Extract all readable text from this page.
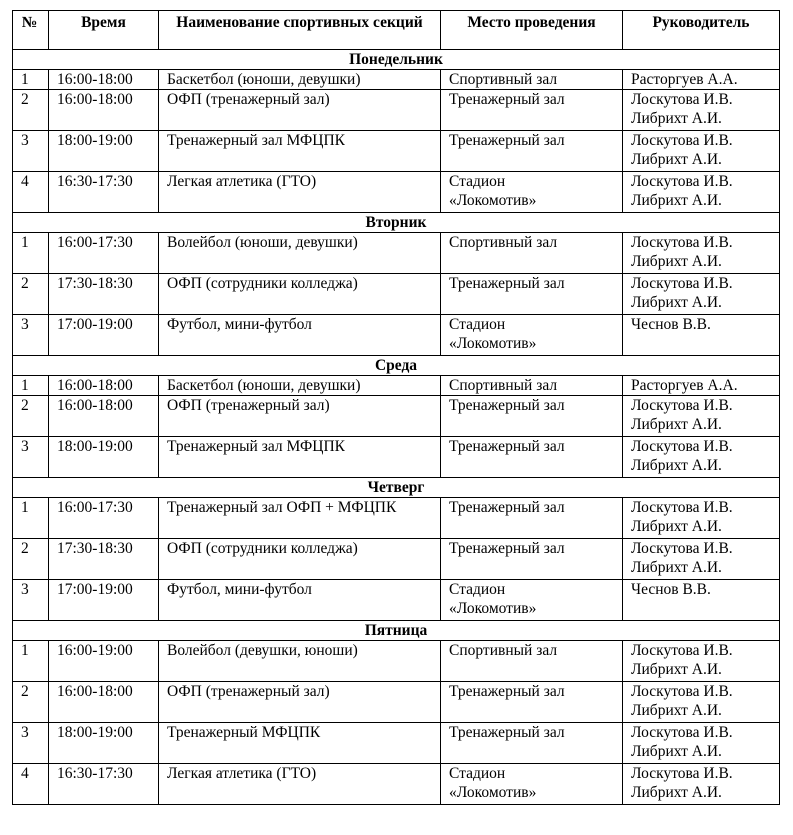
№	Время	Наименование спортивных секций	Место проведения	Руководитель
Понедельник				
1	16:00-18:00	Баскетбол (юноши, девушки)	Спортивный зал	Расторгуев А.А.

2	16:00-18:00	ОФП (тренажерный зал)	Тренажерный зал	Лоскутова И.В.
Либрихт А.И.

3	18:00-19:00	Тренажерный зал МФЦПК	Тренажерный зал	Лоскутова И.В.
Либрихт А.И.

4	16:30-17:30	Легкая атлетика (ГТО)	Стадион
«Локомотив»	Лоскутова И.В.
Либрихт А.И.

Вторник				
1	16:00-17:30	Волейбол (юноши, девушки)	Спортивный зал	Лоскутова И.В.
Либрихт А.И.

2	17:30-18:30	ОФП (сотрудники колледжа)	Тренажерный зал	Лоскутова И.В.
Либрихт А.И.

3	17:00-19:00	Футбол, мини-футбол	Стадион
«Локомотив»	Чеснов В.В.

Среда				
1	16:00-18:00	Баскетбол (юноши, девушки)	Спортивный зал	Расторгуев А.А.

2	16:00-18:00	ОФП (тренажерный зал)	Тренажерный зал	Лоскутова И.В.
Либрихт А.И.

3	18:00-19:00	Тренажерный зал МФЦПК	Тренажерный зал	Лоскутова И.В.
Либрихт А.И.

Четверг				
1	16:00-17:30	Тренажерный зал ОФП + МФЦПК	Тренажерный зал	Лоскутова И.В.
Либрихт А.И.

2	17:30-18:30	ОФП (сотрудники колледжа)	Тренажерный зал	Лоскутова И.В.
Либрихт А.И.

3	17:00-19:00	Футбол, мини-футбол	Стадион
«Локомотив»	Чеснов В.В.

Пятница				
1	16:00-19:00	Волейбол (девушки, юноши)	Спортивный зал	Лоскутова И.В.
Либрихт А.И.

2	16:00-18:00	ОФП (тренажерный зал)	Тренажерный зал	Лоскутова И.В.
Либрихт А.И.

3	18:00-19:00	Тренажерный МФЦПК	Тренажерный зал	Лоскутова И.В.
Либрихт А.И.

4	16:30-17:30	Легкая атлетика (ГТО)	Стадион
«Локомотив»	Лоскутова И.В.
Либрихт А.И.
